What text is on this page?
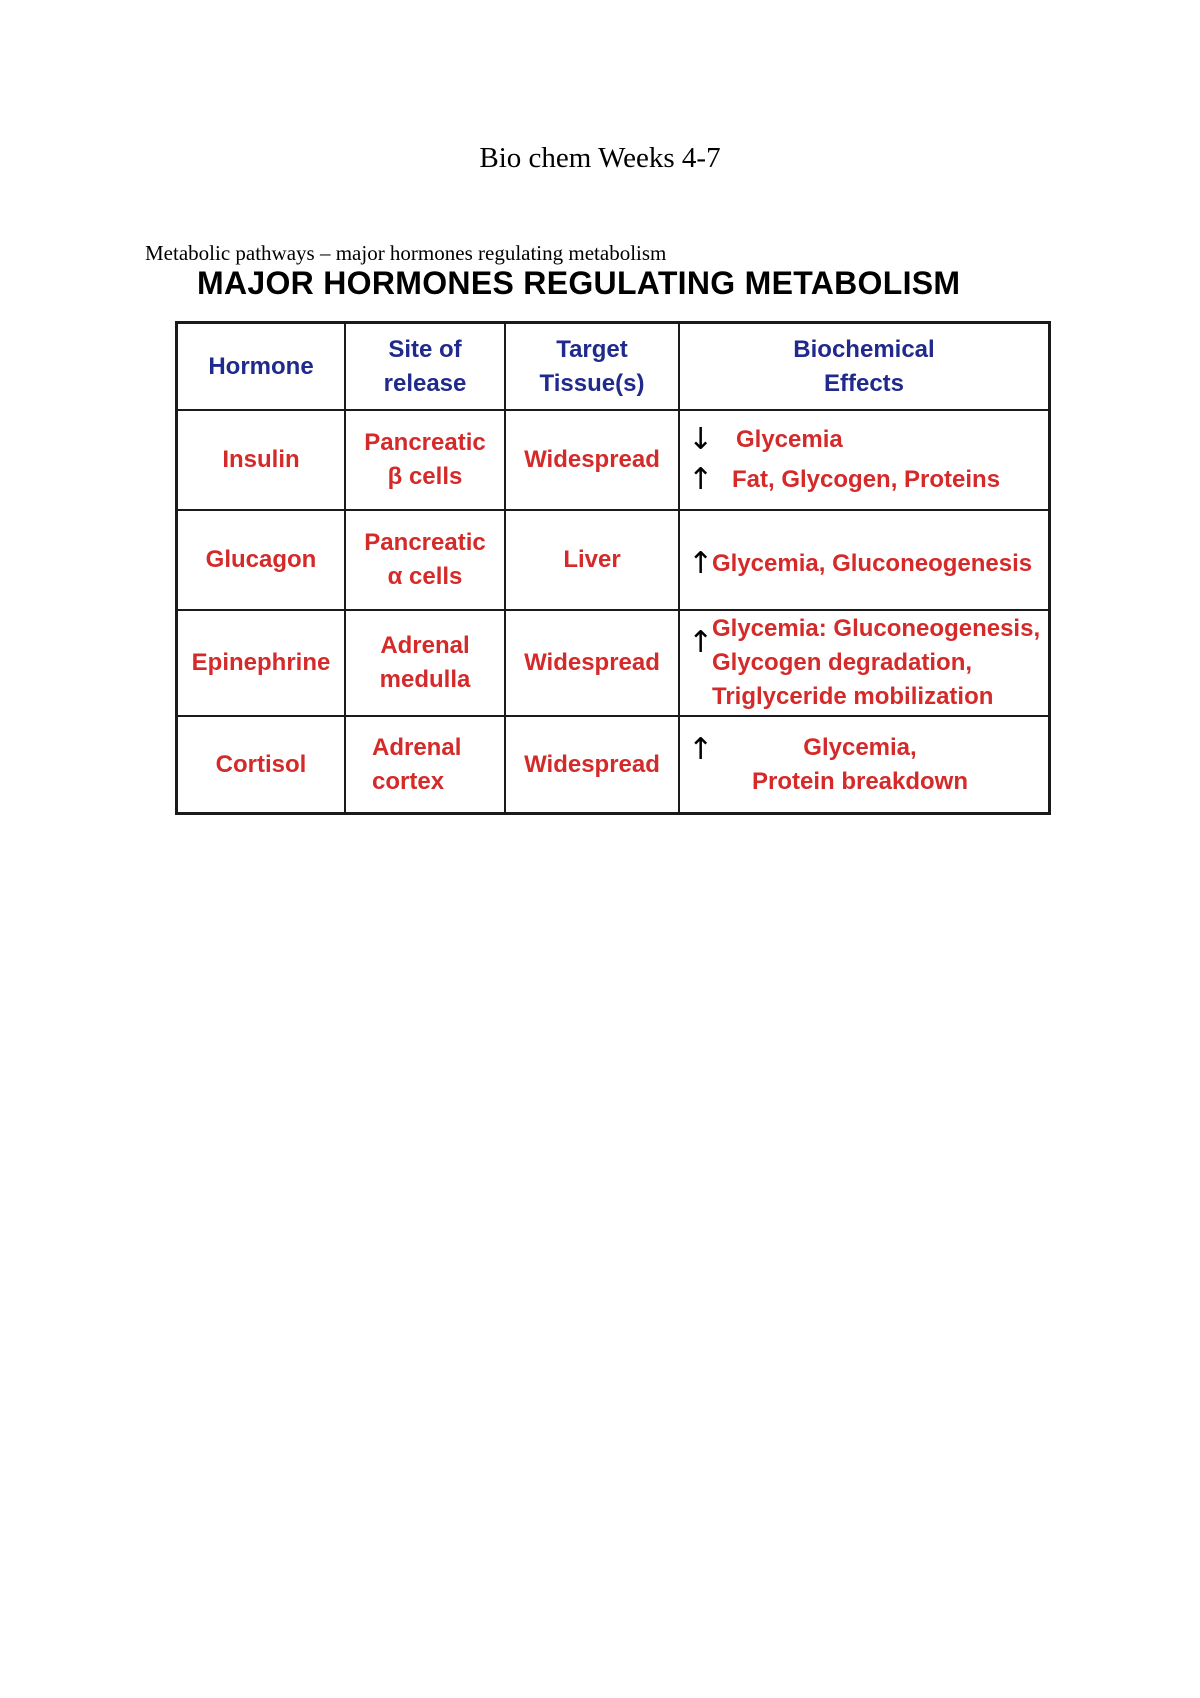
Bio chem Weeks 4-7
Metabolic pathways – major hormones regulating metabolism
MAJOR HORMONES REGULATING METABOLISM
Hormone
Site of
release
Target
Tissue(s)
Biochemical
Effects
Insulin
Pancreatic
β cells
Widespread
↓ Glycemia
↑ Fat, Glycogen, Proteins
Glucagon
Pancreatic
α cells
Liver ↑
Glycemia, Gluconeogenesis
Epinephrine
Adrenal
medulla
Widespread
↑
Glycemia: Gluconeogenesis,
Glycogen degradation,
Triglyceride mobilization
Cortisol
Adrenal
cortex
Widespread ↑	Glycemia,
Protein breakdown
